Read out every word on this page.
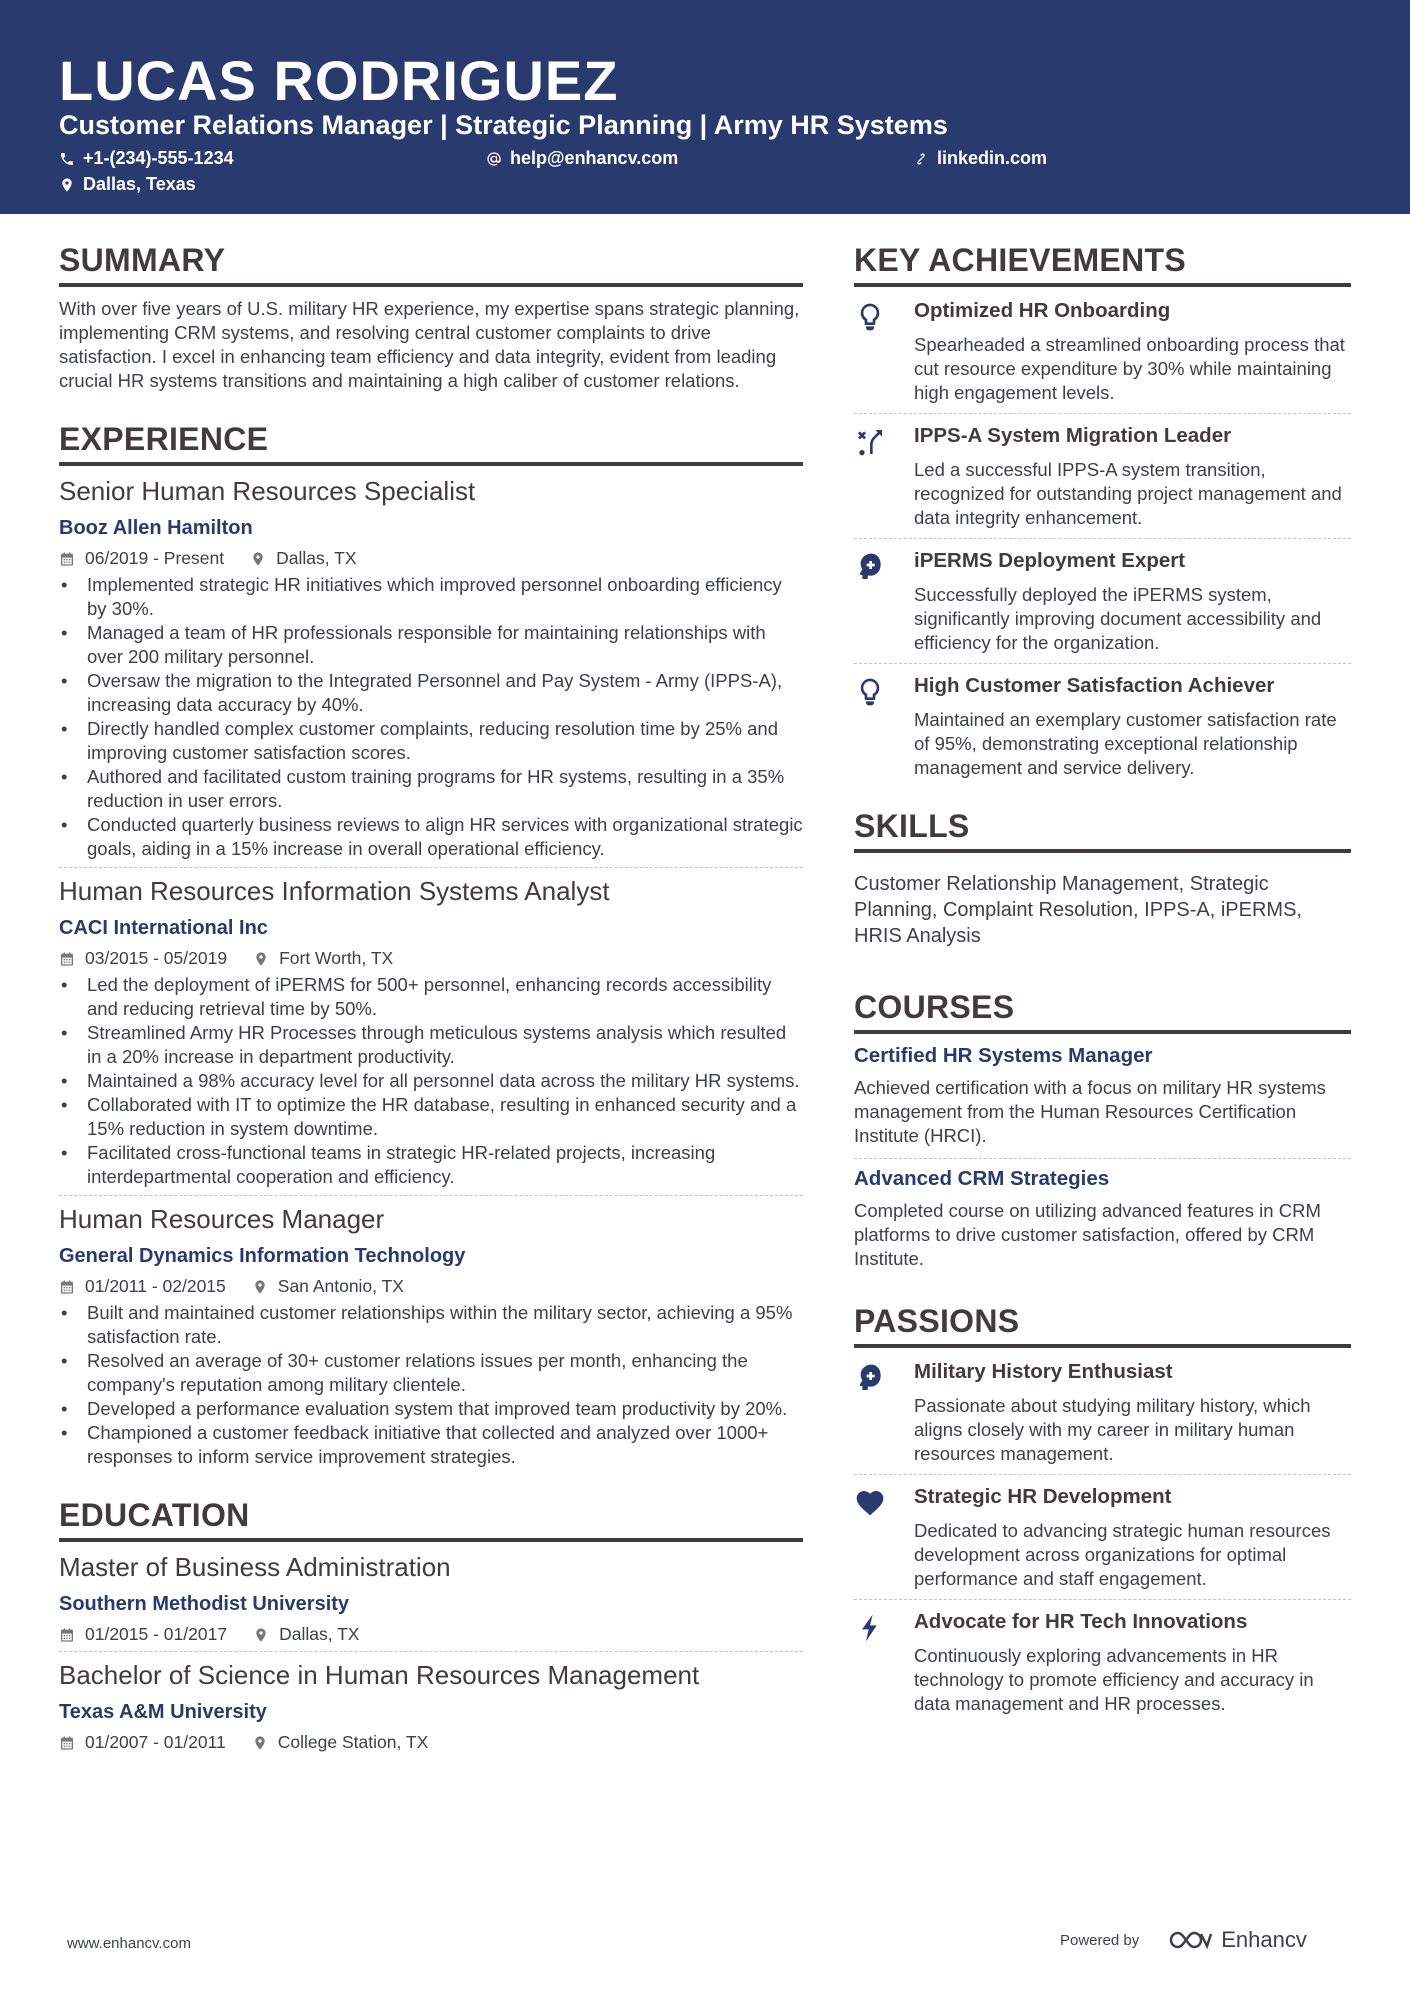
LUCAS RODRIGUEZ
Customer Relations Manager | Strategic Planning | Army HR Systems
+1-(234)-555-1234	help@enhancv.com	linkedin.com
Dallas, Texas
SUMMARY
With over five years of U.S. military HR experience, my expertise spans strategic planning, implementing CRM systems, and resolving central customer complaints to drive satisfaction. I excel in enhancing team efficiency and data integrity, evident from leading crucial HR systems transitions and maintaining a high caliber of customer relations.
EXPERIENCE
Senior Human Resources Specialist
Booz Allen Hamilton
06/2019 - Present	Dallas, TX
• Implemented strategic HR initiatives which improved personnel onboarding efficiency by 30%.
• Managed a team of HR professionals responsible for maintaining relationships with over 200 military personnel.
• Oversaw the migration to the Integrated Personnel and Pay System - Army (IPPS-A), increasing data accuracy by 40%.
• Directly handled complex customer complaints, reducing resolution time by 25% and improving customer satisfaction scores.
• Authored and facilitated custom training programs for HR systems, resulting in a 35% reduction in user errors.
• Conducted quarterly business reviews to align HR services with organizational strategic goals, aiding in a 15% increase in overall operational efficiency.
Human Resources Information Systems Analyst
CACI International Inc
03/2015 - 05/2019	Fort Worth, TX
• Led the deployment of iPERMS for 500+ personnel, enhancing records accessibility and reducing retrieval time by 50%.
• Streamlined Army HR Processes through meticulous systems analysis which resulted in a 20% increase in department productivity.
• Maintained a 98% accuracy level for all personnel data across the military HR systems.
• Collaborated with IT to optimize the HR database, resulting in enhanced security and a 15% reduction in system downtime.
• Facilitated cross-functional teams in strategic HR-related projects, increasing interdepartmental cooperation and efficiency.
Human Resources Manager
General Dynamics Information Technology
01/2011 - 02/2015	San Antonio, TX
• Built and maintained customer relationships within the military sector, achieving a 95% satisfaction rate.
• Resolved an average of 30+ customer relations issues per month, enhancing the company's reputation among military clientele.
• Developed a performance evaluation system that improved team productivity by 20%.
• Championed a customer feedback initiative that collected and analyzed over 1000+ responses to inform service improvement strategies.
EDUCATION
Master of Business Administration
Southern Methodist University
01/2015 - 01/2017	Dallas, TX
Bachelor of Science in Human Resources Management
Texas A&M University
01/2007 - 01/2011	College Station, TX
KEY ACHIEVEMENTS
Optimized HR Onboarding
Spearheaded a streamlined onboarding process that cut resource expenditure by 30% while maintaining high engagement levels.
IPPS-A System Migration Leader
Led a successful IPPS-A system transition, recognized for outstanding project management and data integrity enhancement.
iPERMS Deployment Expert
Successfully deployed the iPERMS system, significantly improving document accessibility and efficiency for the organization.
High Customer Satisfaction Achiever
Maintained an exemplary customer satisfaction rate of 95%, demonstrating exceptional relationship management and service delivery.
SKILLS
Customer Relationship Management, Strategic Planning, Complaint Resolution, IPPS-A, iPERMS, HRIS Analysis
COURSES
Certified HR Systems Manager
Achieved certification with a focus on military HR systems management from the Human Resources Certification Institute (HRCI).
Advanced CRM Strategies
Completed course on utilizing advanced features in CRM platforms to drive customer satisfaction, offered by CRM Institute.
PASSIONS
Military History Enthusiast
Passionate about studying military history, which aligns closely with my career in military human resources management.
Strategic HR Development
Dedicated to advancing strategic human resources development across organizations for optimal performance and staff engagement.
Advocate for HR Tech Innovations
Continuously exploring advancements in HR technology to promote efficiency and accuracy in data management and HR processes.
www.enhancv.com	Powered by	Enhancv
